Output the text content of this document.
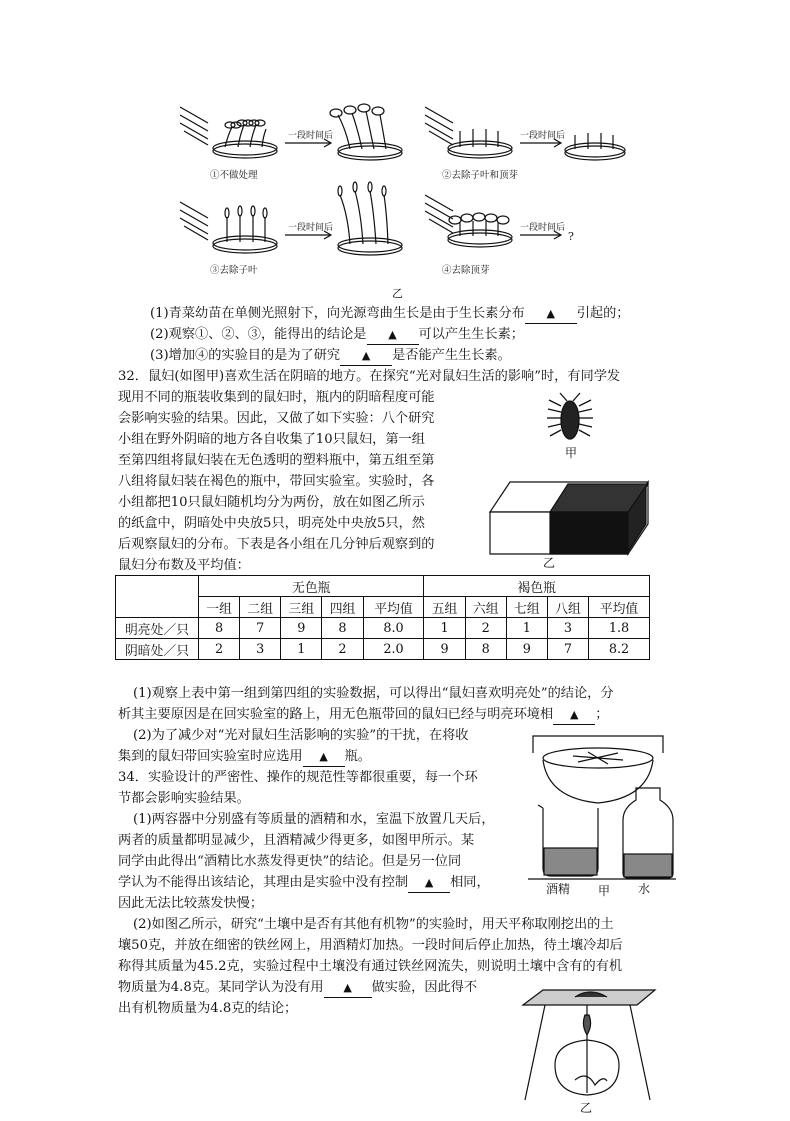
一段时间后	一段时间后
一段时间后	一段时间后
①不做处理	②去除子叶和顶芽
③去除子叶	④去除顶芽
?
乙
(1)青菜幼苗在单侧光照射下，向光源弯曲生长是由于生长素分布 ▲ 引起的；
(2)观察①、②、③，能得出的结论是 ▲ 可以产生生长素；
(3)增加④的实验目的是为了研究 ▲ 是否能产生生长素。
32．鼠妇(如图甲)喜欢生活在阴暗的地方。在探究“光对鼠妇生活的影响”时，有同学发
现用不同的瓶装收集到的鼠妇时，瓶内的阴暗程度可能
会影响实验的结果。因此，又做了如下实验：八个研究
小组在野外阴暗的地方各自收集了10只鼠妇，第一组
至第四组将鼠妇装在无色透明的塑料瓶中，第五组至第
八组将鼠妇装在褐色的瓶中，带回实验室。实验时，各
小组都把10只鼠妇随机均分为两份，放在如图乙所示
的纸盒中，阴暗处中央放5只，明亮处中央放5只，然
后观察鼠妇的分布。下表是各小组在几分钟后观察到的
鼠妇分布数及平均值：
甲
乙
	无色瓶					褐色瓶				
	一组	二组	三组	四组	平均值	五组	六组	七组	八组	平均值
明亮处／只	8	7	9	8	8.0	1	2	1	3	1.8
阴暗处／只	2	3	1	2	2.0	9	8	9	7	8.2
(1)观察上表中第一组到第四组的实验数据，可以得出“鼠妇喜欢明亮处”的结论，分
析其主要原因是在回实验室的路上，用无色瓶带回的鼠妇已经与明亮环境相 ▲ ；
(2)为了减少对“光对鼠妇生活影响的实验”的干扰，在将收
集到的鼠妇带回实验室时应选用 ▲ 瓶。
34．实验设计的严密性、操作的规范性等都很重要，每一个环
节都会影响实验结果。
(1)两容器中分别盛有等质量的酒精和水，室温下放置几天后，
两者的质量都明显减少，且酒精减少得更多，如图甲所示。某
同学由此得出“酒精比水蒸发得更快”的结论。但是另一位同
学认为不能得出该结论，其理由是实验中没有控制 ▲ 相同，
因此无法比较蒸发快慢；
酒精 甲 水
(2)如图乙所示，研究“土壤中是否有其他有机物”的实验时，用天平称取刚挖出的土
壤50克，并放在细密的铁丝网上，用酒精灯加热。一段时间后停止加热，待土壤冷却后
称得其质量为45.2克，实验过程中土壤没有通过铁丝网流失，则说明土壤中含有的有机
物质量为4.8克。某同学认为没有用 ▲ 做实验，因此得不
出有机物质量为4.8克的结论；
乙
